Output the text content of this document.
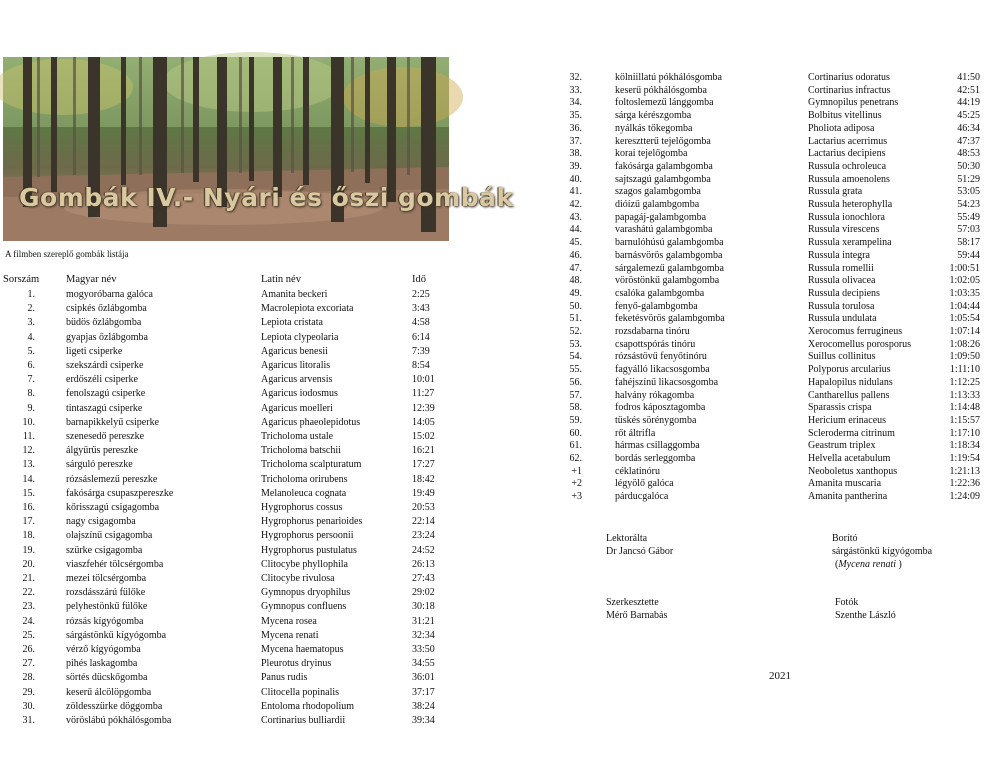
Gombák IV.- Nyári és őszi gombák

A filmben szereplő gombák listája

Sorszám	Magyar név	Latin név	Idő
1.	mogyoróbarna galóca	Amanita beckeri	2:25
2.	csipkés őzlábgomba	Macrolepiota excoriata	3:43
3.	büdös őzlábgomba	Lepiota cristata	4:58
4.	gyapjas őzlábgomba	Lepiota clypeolaria	6:14
5.	ligeti csiperke	Agaricus benesii	7:39
6.	szekszárdi csiperke	Agaricus litoralis	8:54
7.	erdőszéli csiperke	Agaricus arvensis	10:01
8.	fenolszagú csiperke	Agaricus iodosmus	11:27
9.	tintaszagú csiperke	Agaricus moelleri	12:39
10.	barnapikkelyű csiperke	Agaricus phaeolepidotus	14:05
11.	szenesedő pereszke	Tricholoma ustale	15:02
12.	álgyűrűs pereszke	Tricholoma batschii	16:21
13.	sárguló pereszke	Tricholoma scalpturatum	17:27
14.	rózsáslemezű pereszke	Tricholoma orirubens	18:42
15.	fakósárga csupaszpereszke	Melanoleuca cognata	19:49
16.	kőrisszagú csigagomba	Hygrophorus cossus	20:53
17.	nagy csigagomba	Hygrophorus penarioides	22:14
18.	olajszínű csigagomba	Hygrophorus persoonii	23:24
19.	szürke csigagomba	Hygrophorus pustulatus	24:52
20.	viaszfehér tölcsérgomba	Clitocybe phyllophila	26:13
21.	mezei tölcsérgomba	Clitocybe rivulosa	27:43
22.	rozsdásszárú fülőke	Gymnopus dryophilus	29:02
23.	pelyhestönkű fülőke	Gymnopus confluens	30:18
24.	rózsás kígyógomba	Mycena rosea	31:21
25.	sárgástönkű kígyógomba	Mycena renati	32:34
26.	vérző kígyógomba	Mycena haematopus	33:50
27.	pihés laskagomba	Pleurotus dryinus	34:55
28.	sörtés dücskőgomba	Panus rudis	36:01
29.	keserű álcölöpgomba	Clitocella popinalis	37:17
30.	zöldesszürke döggomba	Entoloma rhodopolium	38:24
31.	vöröslábú pókhálósgomba	Cortinarius bulliardii	39:34
32.	kölniillatú pókhálósgomba	Cortinarius odoratus	41:50
33.	keserű pókhálósgomba	Cortinarius infractus	42:51
34.	foltoslemezű lánggomba	Gymnopilus penetrans	44:19
35.	sárga kérészgomba	Bolbitus vitellinus	45:25
36.	nyálkás tőkegomba	Pholiota adiposa	46:34
37.	keresztterű tejelőgomba	Lactarius acerrimus	47:37
38.	korai tejelőgomba	Lactarius decipiens	48:53
39.	fakósárga galambgomba	Russula ochroleuca	50:30
40.	sajtszagú galambgomba	Russula amoenolens	51:29
41.	szagos galambgomba	Russula grata	53:05
42.	dióízű galambgomba	Russula heterophylla	54:23
43.	papagáj-galambgomba	Russula ionochlora	55:49
44.	varashátú galambgomba	Russula virescens	57:03
45.	barnulóhúsú galambgomba	Russula xerampelina	58:17
46.	barnásvörös galambgomba	Russula integra	59:44
47.	sárgalemezű galambgomba	Russula romellii	1:00:51
48.	vöröstönkű galambgomba	Russula olivacea	1:02:05
49.	csalóka galambgomba	Russula decipiens	1:03:35
50.	fenyő-galambgomba	Russula torulosa	1:04:44
51.	feketésvörös galambgomba	Russula undulata	1:05:54
52.	rozsdabarna tinóru	Xerocomus ferrugineus	1:07:14
53.	csapottspórás tinóru	Xerocomellus porosporus	1:08:26
54.	rózsástövű fenyőtinóru	Suillus collinitus	1:09:50
55.	fagyálló likacsosgomba	Polyporus arcularius	1:11:10
56.	fahéjszínű likacsosgomba	Hapalopilus nidulans	1:12:25
57.	halvány rókagomba	Cantharellus pallens	1:13:33
58.	fodros káposztagomba	Sparassis crispa	1:14:48
59.	tüskés sörénygomba	Hericium erinaceus	1:15:57
60.	rőt áltrifla	Scleroderma citrinum	1:17:10
61.	hármas csillaggomba	Geastrum triplex	1:18:34
62.	bordás serleggomba	Helvella acetabulum	1:19:54
+1	céklatinóru	Neoboletus xanthopus	1:21:13
+2	légyölő galóca	Amanita muscaria	1:22:36
+3	párducgalóca	Amanita pantherina	1:24:09

Lektorálta

Dr Jancsó Gábor

Borító

sárgástönkű kígyógomba

(Mycena renati )

Szerkesztette

Mérő Barnabás

Fotók

Szenthe László

2021
